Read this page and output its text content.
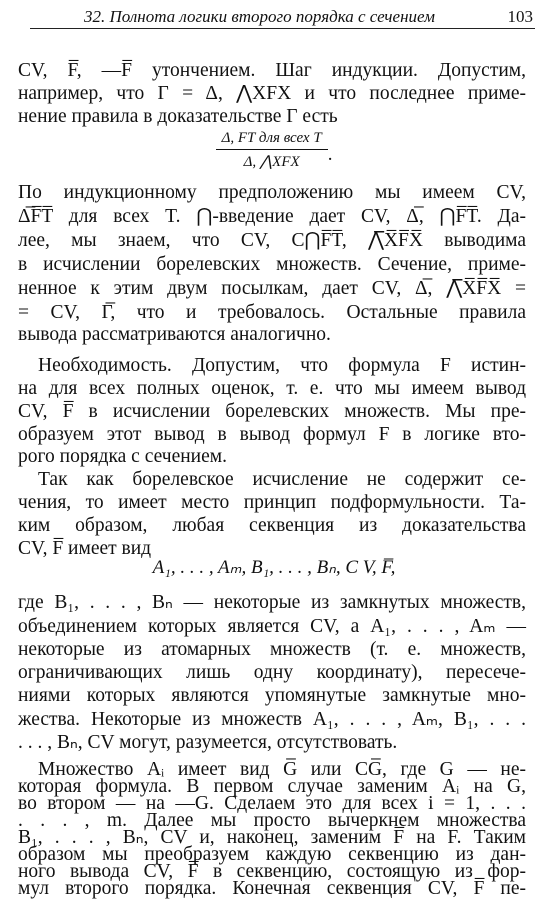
32. Полнота логики второго порядка с сечением	103
CV, F̅, —F̅ утончением. Шаг индукции. Допустим,
например, что Γ = Δ, ⋀XFX и что последнее приме-
нение правила в доказательстве Γ есть
$\frac{\text{Δ, FT для всех T}}{\text{Δ, ⋀XFX}}$ .
По индукционному предположению мы имеем CV,
Δ̅F̅T̅ для всех T. ⋂-введение дает CV, Δ̅, ⋂F̅T̅. Да-
лее, мы знаем, что CV, C⋂F̅T̅, ⋀̅X̅F̅X̅ выводима
в исчислении борелевских множеств. Сечение, приме-
ненное к этим двум посылкам, дает CV, Δ̅, ⋀̅X̅F̅X̅ =
= CV, Γ̅, что и требовалось. Остальные правила
вывода рассматриваются аналогично.
Необходимость. Допустим, что формула F истин-
на для всех полных оценок, т. е. что мы имеем вывод
CV, F̅ в исчислении борелевских множеств. Мы пре-
образуем этот вывод в вывод формул F в логике вто-
рого порядка с сечением.
Так как борелевское исчисление не содержит се-
чения, то имеет место принцип подформульности. Та-
ким образом, любая секвенция из доказательства
CV, F̅ имеет вид
A₁, . . . , Aₘ, B₁, . . . , Bₙ, C V, F̅,
где B₁, . . . , Bₙ — некоторые из замкнутых множеств,
объединением которых является CV, а A₁, . . . , Aₘ —
некоторые из атомарных множеств (т. е. множеств,
ограничивающих лишь одну координату), пересече-
ниями которых являются упомянутые замкнутые мно-
жества. Некоторые из множеств A₁, . . . , Aₘ, B₁, . . .
. . . , Bₙ, CV могут, разумеется, отсутствовать.
Множество Aᵢ имеет вид G̅ или CG̅, где G — не-
которая формула. В первом случае заменим Aᵢ на G,
во втором — на —G. Сделаем это для всех i = 1, . . .
. . . , m. Далее мы просто вычеркнем множества
B₁, . . . , Bₙ, CV и, наконец, заменим F̅ на F. Таким
образом мы преобразуем каждую секвенцию из дан-
ного вывода CV, F̅ в секвенцию, состоящую из фор-
мул второго порядка. Конечная секвенция CV, F̅ пе-
